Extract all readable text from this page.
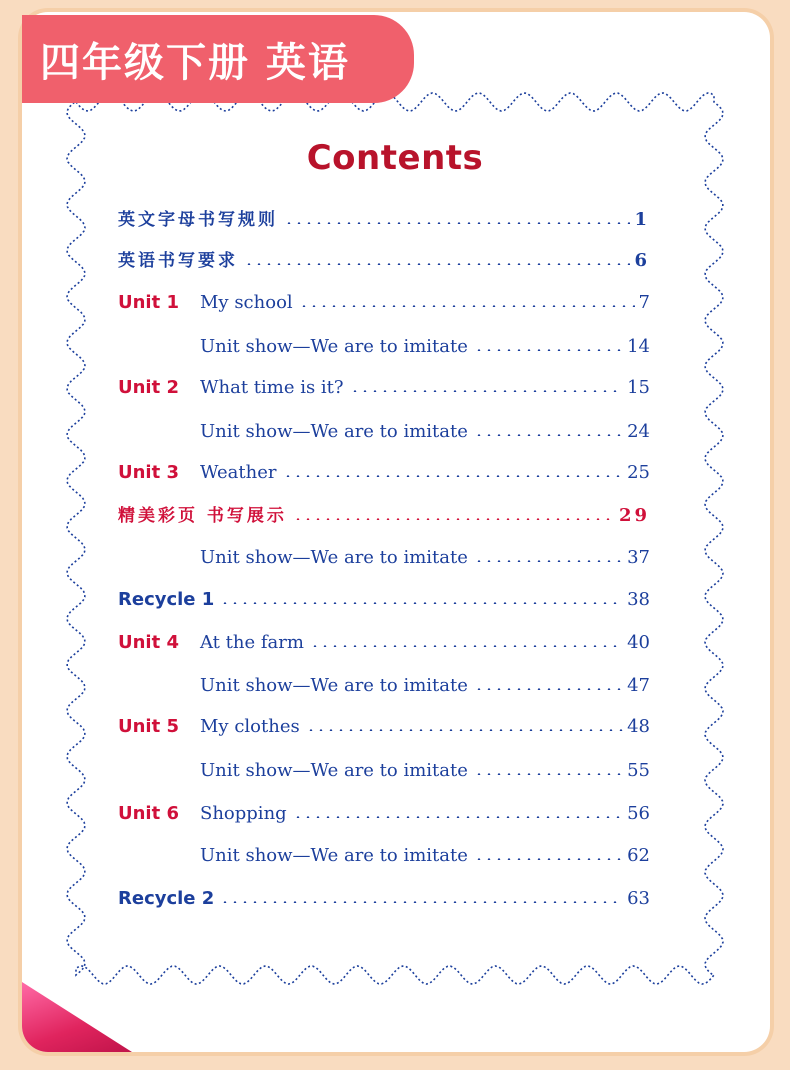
四年级下册 英语
Contents
英文字母书写规则	1
英语书写要求	6
Unit 1	My school	7
Unit show—We are to imitate	14
Unit 2	What time is it?	15
Unit show—We are to imitate	24
Unit 3	Weather	25
精美彩页 书写展示	29
Unit show—We are to imitate	37
Recycle 1	38
Unit 4	At the farm	40
Unit show—We are to imitate	47
Unit 5	My clothes	48
Unit show—We are to imitate	55
Unit 6	Shopping	56
Unit show—We are to imitate	62
Recycle 2	63
